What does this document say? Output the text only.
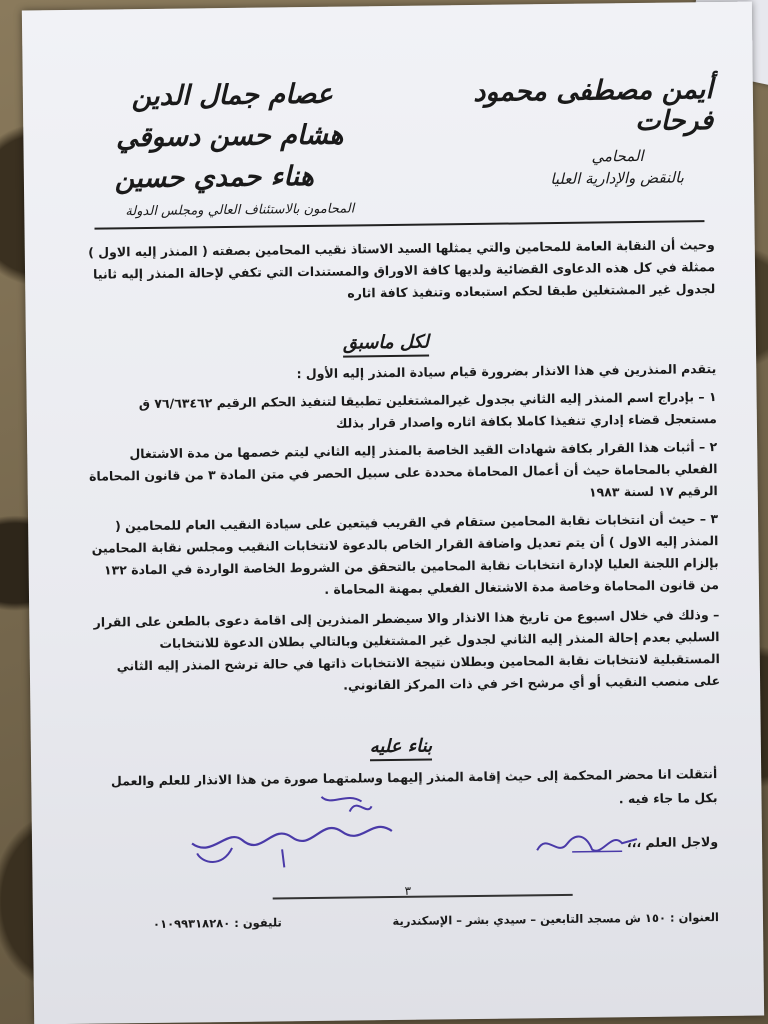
أيمن مصطفى محمود فرحات
المحامي
بالنقض والإدارية العليا
عصام جمال الدين
هشام حسن دسوقي
هناء حمدي حسين
المحامون بالاستئناف العالي ومجلس الدولة

وحيث أن النقابة العامة للمحامين والتي يمثلها السيد الاستاذ نقيب المحامين بصفته ( المنذر إليه الاول ) ممثلة في كل هذه الدعاوى القضائية ولديها كافة الاوراق والمستندات التي تكفي لإحالة المنذر إليه ثانيا لجدول غير المشتغلين طبقا لحكم استبعاده وتنفيذ كافة اثاره

لكل ماسبق

يتقدم المنذرين في هذا الانذار بضرورة قيام سيادة المنذر إليه الأول :

١ – بإدراج اسم المنذر إليه الثاني بجدول غيرالمشتغلين تطبيقا لتنفيذ الحكم الرقيم ٧٦/٦٣٤٦٢ ق مستعجل قضاء إداري تنفيذا كاملا بكافة اثاره واصدار قرار بذلك

٢ – أثبات هذا القرار بكافة شهادات القيد الخاصة بالمنذر إليه الثاني ليتم خصمها من مدة الاشتغال الفعلي بالمحاماة حيث أن أعمال المحاماة محددة على سبيل الحصر في متن المادة ٣ من قانون المحاماة الرقيم ١٧ لسنة ١٩٨٣

٣ – حيث أن انتخابات نقابة المحامين ستقام في القريب فيتعين على سيادة النقيب العام للمحامين ( المنذر إليه الاول ) أن يتم تعديل واضافة القرار الخاص بالدعوة لانتخابات النقيب ومجلس نقابة المحامين بإلزام اللجنة العليا لإدارة انتخابات نقابة المحامين بالتحقق من الشروط الخاصة الواردة في المادة ١٣٢ من قانون المحاماة وخاصة مدة الاشتغال الفعلي بمهنة المحاماة .

– وذلك في خلال اسبوع من تاريخ هذا الانذار والا سيضطر المنذرين إلى اقامة دعوى بالطعن على القرار السلبي بعدم إحالة المنذر إليه الثاني لجدول غير المشتغلين وبالتالي بطلان الدعوة للانتخابات المستقبلية لانتخابات نقابة المحامين وبطلان نتيجة الانتخابات ذاتها في حالة ترشح المنذر إليه الثاني على منصب النقيب أو أي مرشح اخر في ذات المركز القانوني.

بناء عليه
أنتقلت انا محضر المحكمة إلى حيث إقامة المنذر إليهما وسلمتهما صورة من هذا الانذار للعلم والعمل بكل ما جاء فيه .
ولاجل العلم ،،،
٣
العنوان : ١٥٠ ش مسجد التابعين – سيدي بشر – الإسكندرية
تليفون : ٠١٠٩٩٣١٨٢٨٠
